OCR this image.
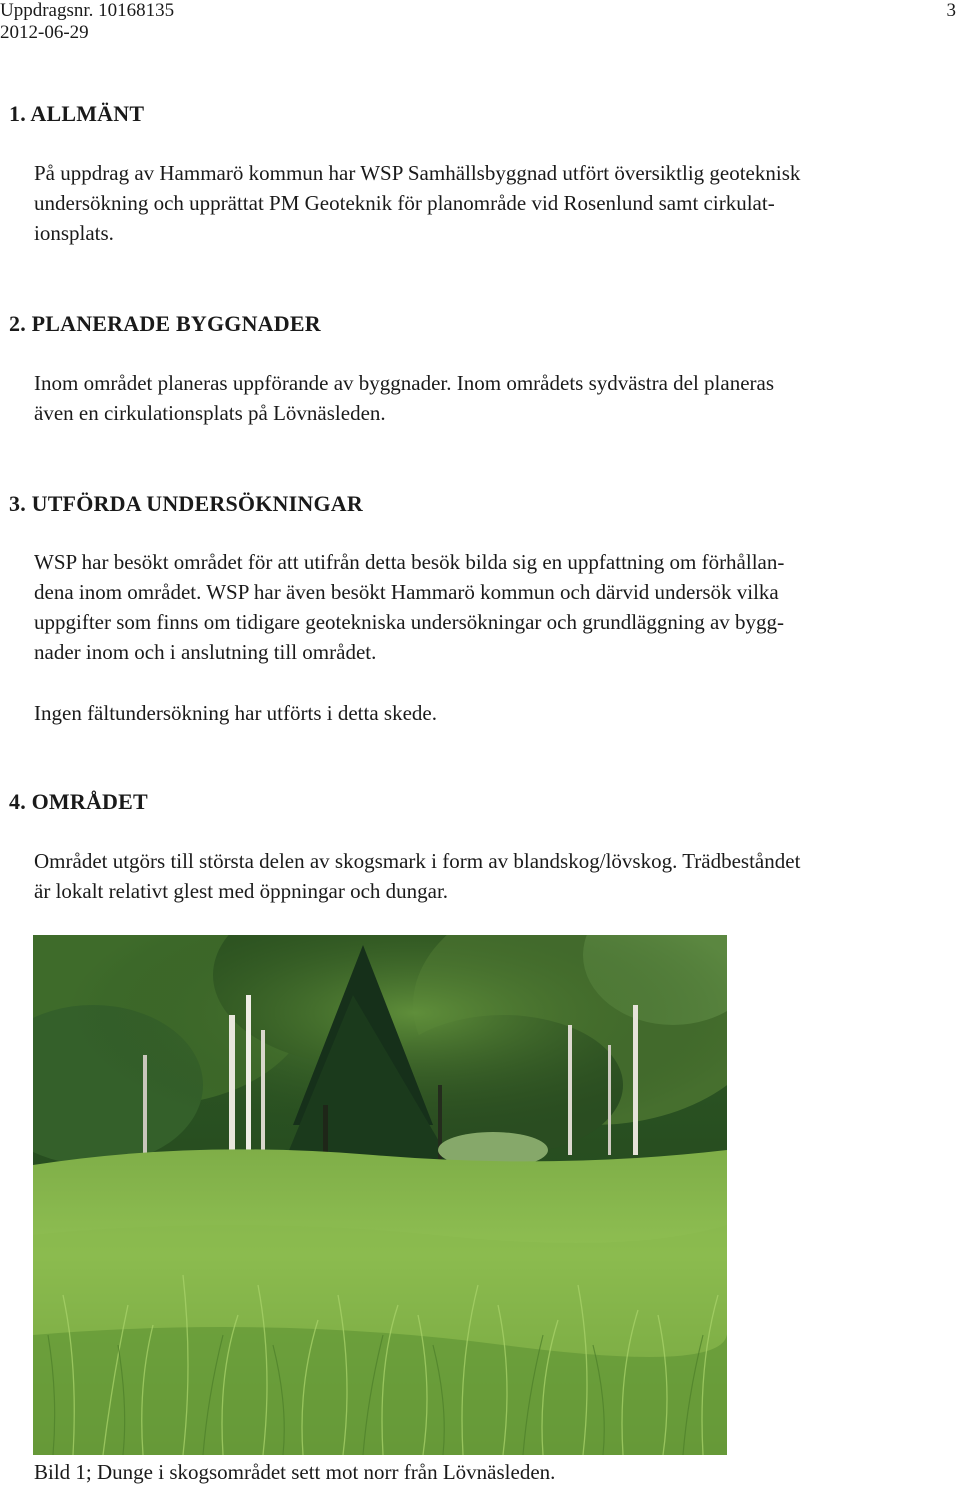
Uppdragsnr. 10168135
2012-06-29
3
1. ALLMÄNT
På uppdrag av Hammarö kommun har WSP Samhällsbyggnad utfört översiktlig geoteknisk
undersökning och upprättat PM Geoteknik för planområde vid Rosenlund samt cirkulat-
ionsplats.
2. PLANERADE BYGGNADER
Inom området planeras uppförande av byggnader. Inom områdets sydvästra del planeras
även en cirkulationsplats på Lövnäsleden.
3. UTFÖRDA UNDERSÖKNINGAR
WSP har besökt området för att utifrån detta besök bilda sig en uppfattning om förhållan-
dena inom området. WSP har även besökt Hammarö kommun och därvid undersök vilka
uppgifter som finns om tidigare geotekniska undersökningar och grundläggning av bygg-
nader inom och i anslutning till området.
Ingen fältundersökning har utförts i detta skede.
4. OMRÅDET
Området utgörs till största delen av skogsmark i form av blandskog/lövskog. Trädbeståndet
är lokalt relativt glest med öppningar och dungar.
Bild 1; Dunge i skogsområdet sett mot norr från Lövnäsleden.
